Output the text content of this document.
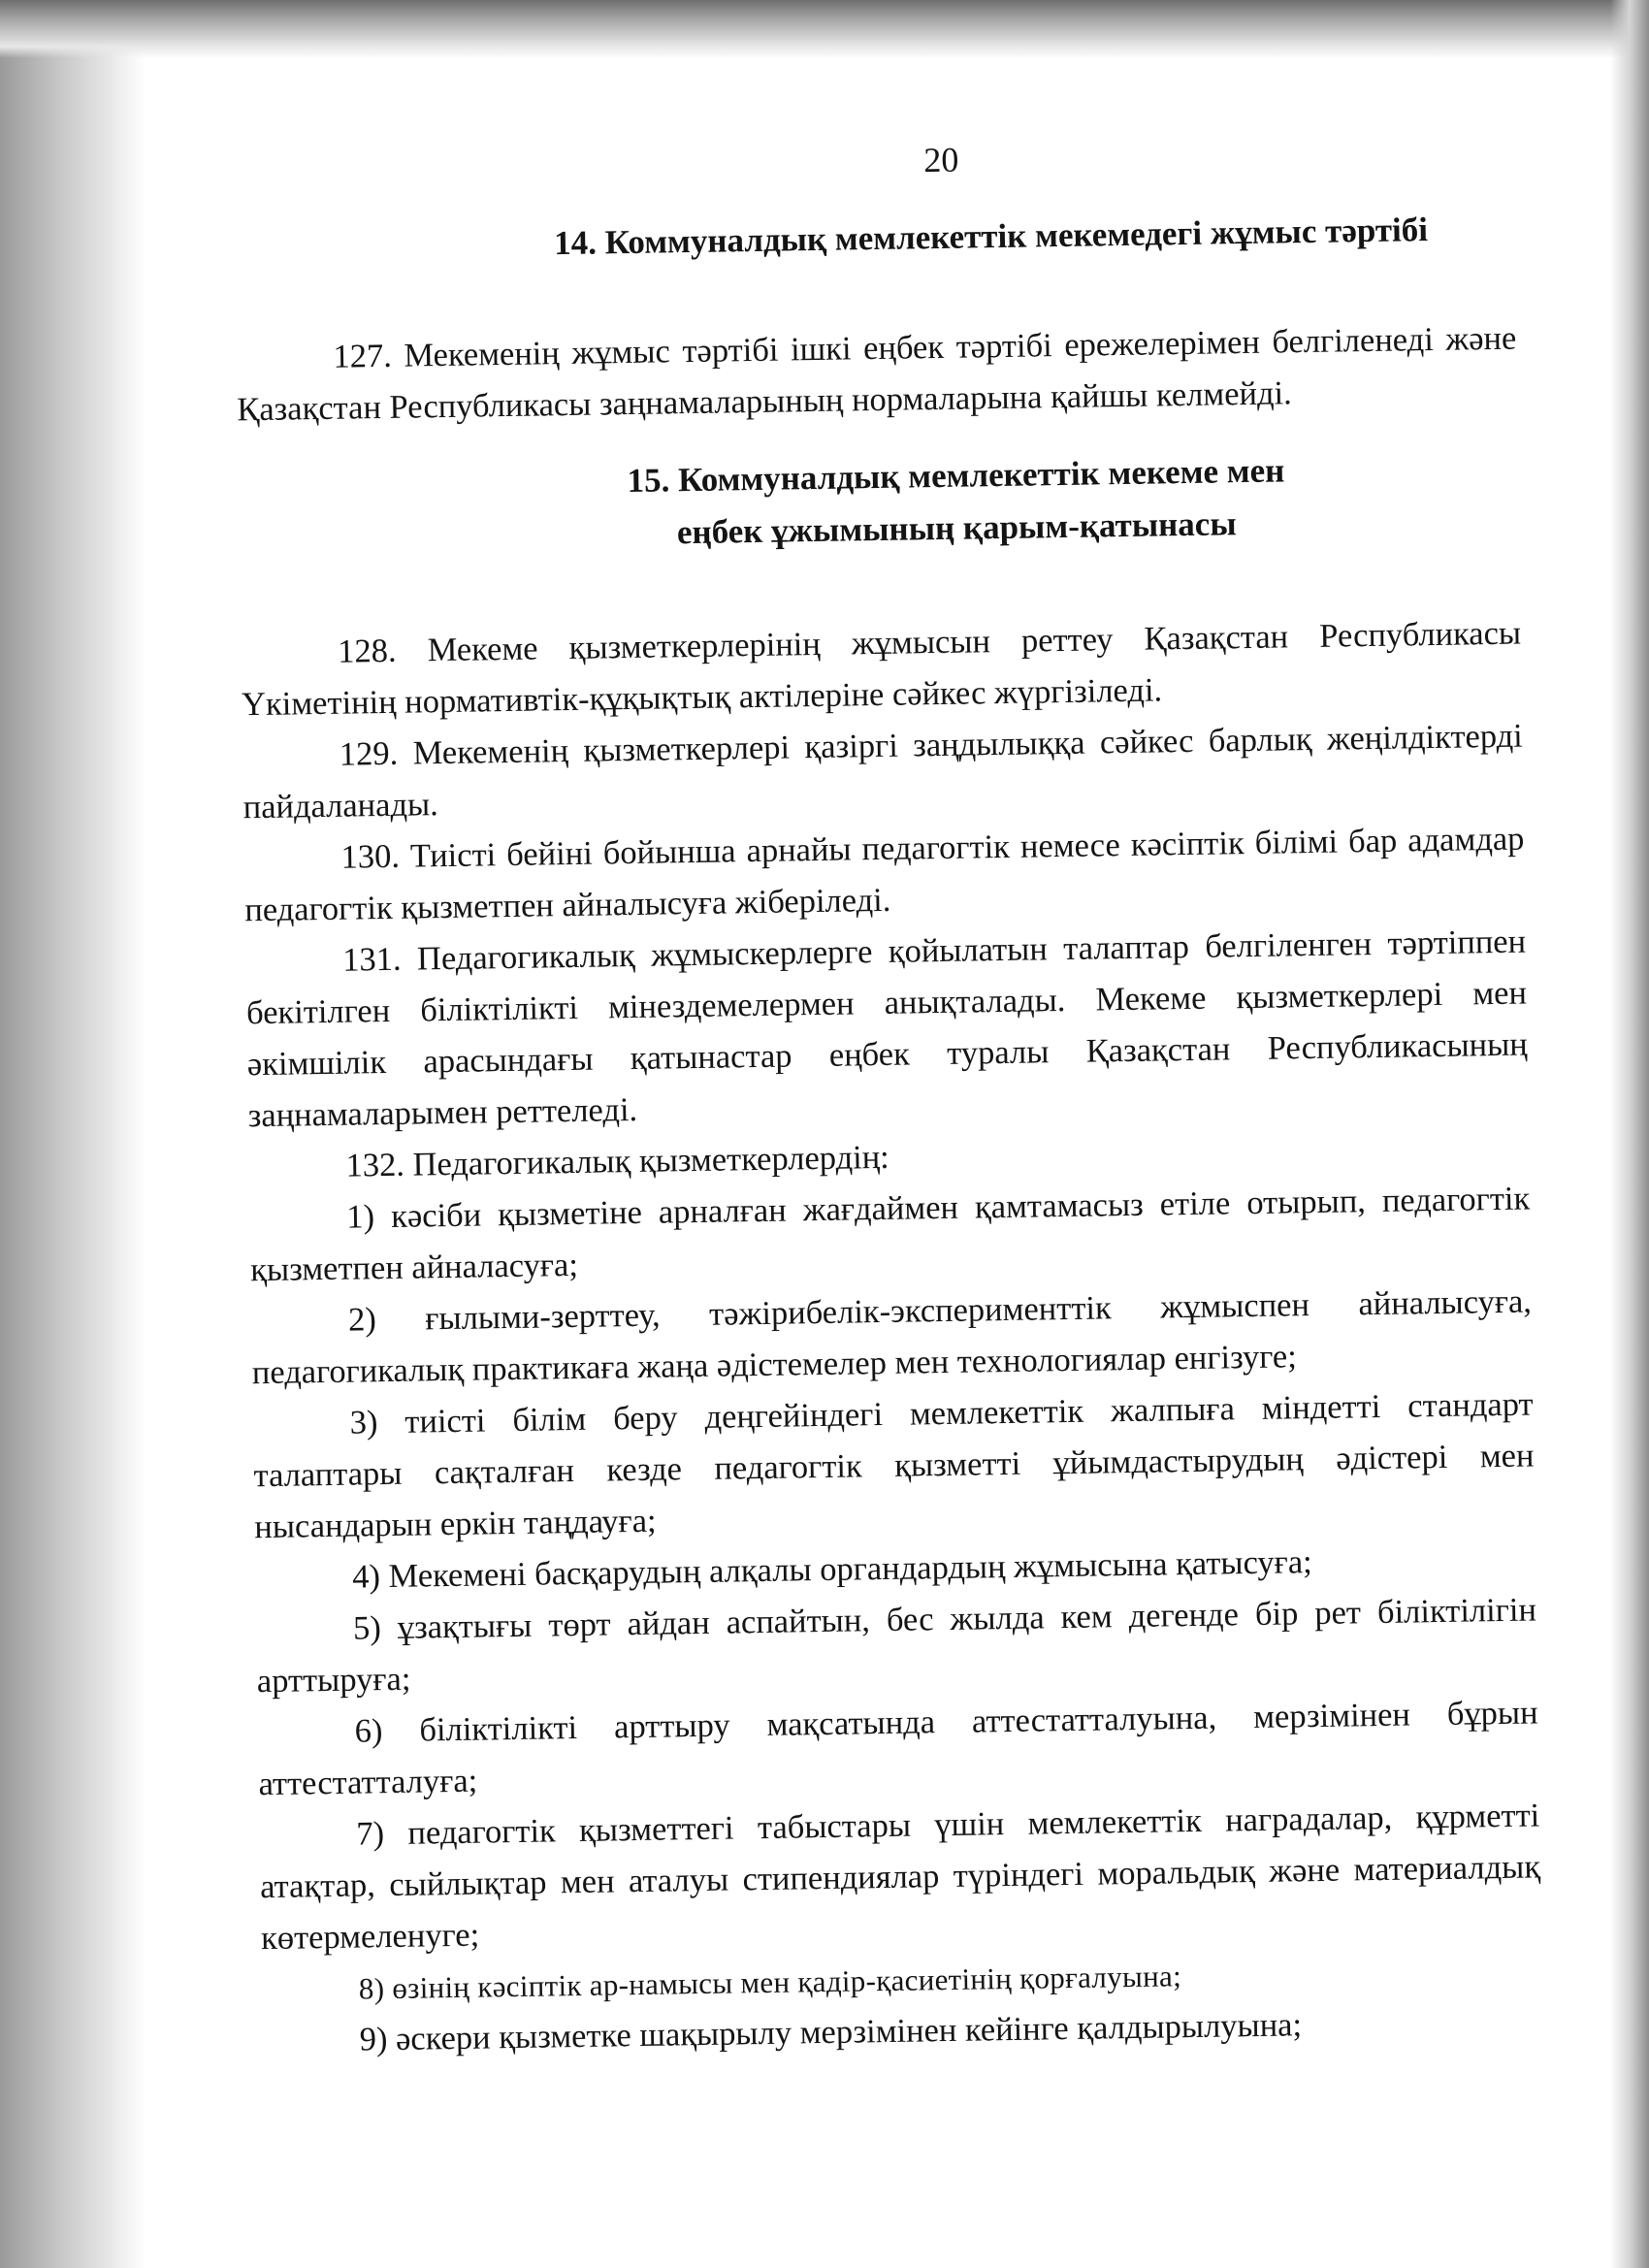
20
14. Коммуналдық мемлекеттік мекемедегі жұмыс тәртібі

127. Мекеменің жұмыс тәртібі ішкі еңбек тәртібі ережелерімен белгіленеді және Қазақстан Республикасы заңнамаларының нормаларына қайшы келмейді.

15. Коммуналдық мемлекеттік мекеме мен
еңбек ұжымының қарым-қатынасы

128. Мекеме қызметкерлерінің жұмысын реттеу Қазақстан Республикасы Үкіметінің нормативтік-құқықтық актілеріне сәйкес жүргізіледі.

129. Мекеменің қызметкерлері қазіргі заңдылыққа сәйкес барлық жеңілдіктерді пайдаланады.

130. Тиісті бейіні бойынша арнайы педагогтік немесе кәсіптік білімі бар адамдар педагогтік қызметпен айналысуға жіберіледі.

131. Педагогикалық жұмыскерлерге қойылатын талаптар белгіленген тәртіппен бекітілген біліктілікті мінездемелермен анықталады. Мекеме қызметкерлері мен әкімшілік арасындағы қатынастар еңбек туралы Қазақстан Республикасының заңнамаларымен реттеледі.

132. Педагогикалық қызметкерлердің:

1) кәсіби қызметіне арналған жағдаймен қамтамасыз етіле отырып, педагогтік қызметпен айналасуға;

2) ғылыми-зерттеу, тәжірибелік-эксперименттік жұмыспен айналысуға, педагогикалық практикаға жаңа әдістемелер мен технологиялар енгізуге;

3) тиісті білім беру деңгейіндегі мемлекеттік жалпыға міндетті стандарт талаптары сақталған кезде педагогтік қызметті ұйымдастырудың әдістері мен нысандарын еркін таңдауға;

4) Мекемені басқарудың алқалы органдардың жұмысына қатысуға;

5) ұзақтығы төрт айдан аспайтын, бес жылда кем дегенде бір рет біліктілігін арттыруға;

6) біліктілікті арттыру мақсатында аттестатталуына, мерзімінен бұрын аттестатталуға;

7) педагогтік қызметтегі табыстары үшін мемлекеттік наградалар, құрметті атақтар, сыйлықтар мен аталуы стипендиялар түріндегі моральдық және материалдық көтермеленуге;

8) өзінің кәсіптік ар-намысы мен қадір-қасиетінің қорғалуына;

9) әскери қызметке шақырылу мерзімінен кейінге қалдырылуына;
